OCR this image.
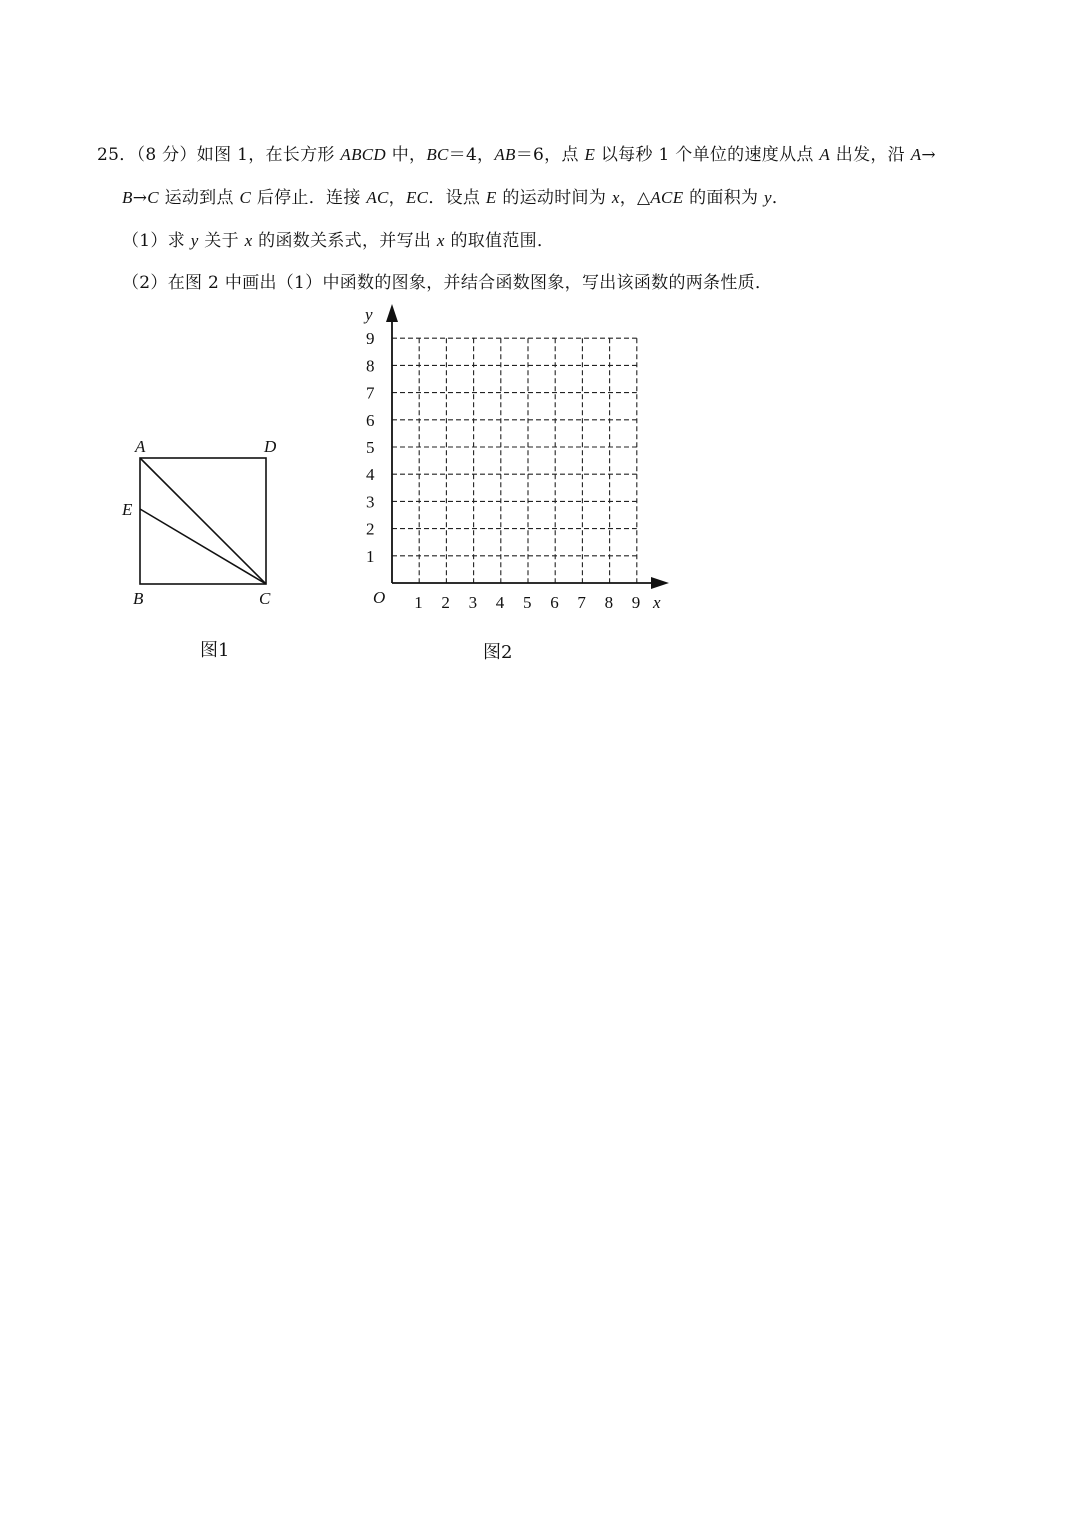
25．（8 分）如图 1，在长方形 ABCD 中，BC＝4，AB＝6，点 E 以每秒 1 个单位的速度从点 A 出发，沿 A→
B→C 运动到点 C 后停止．连接 AC，EC．设点 E 的运动时间为 x，△ACE 的面积为 y．
（1）求 y 关于 x 的函数关系式，并写出 x 的取值范围．
（2）在图 2 中画出（1）中函数的图象，并结合函数图象，写出该函数的两条性质．
A	D
E
B	C
图1
1
2
3
4
5
6
7
8
9
1 2 3 4 5 6 7 8 9
y
x
O
图2
